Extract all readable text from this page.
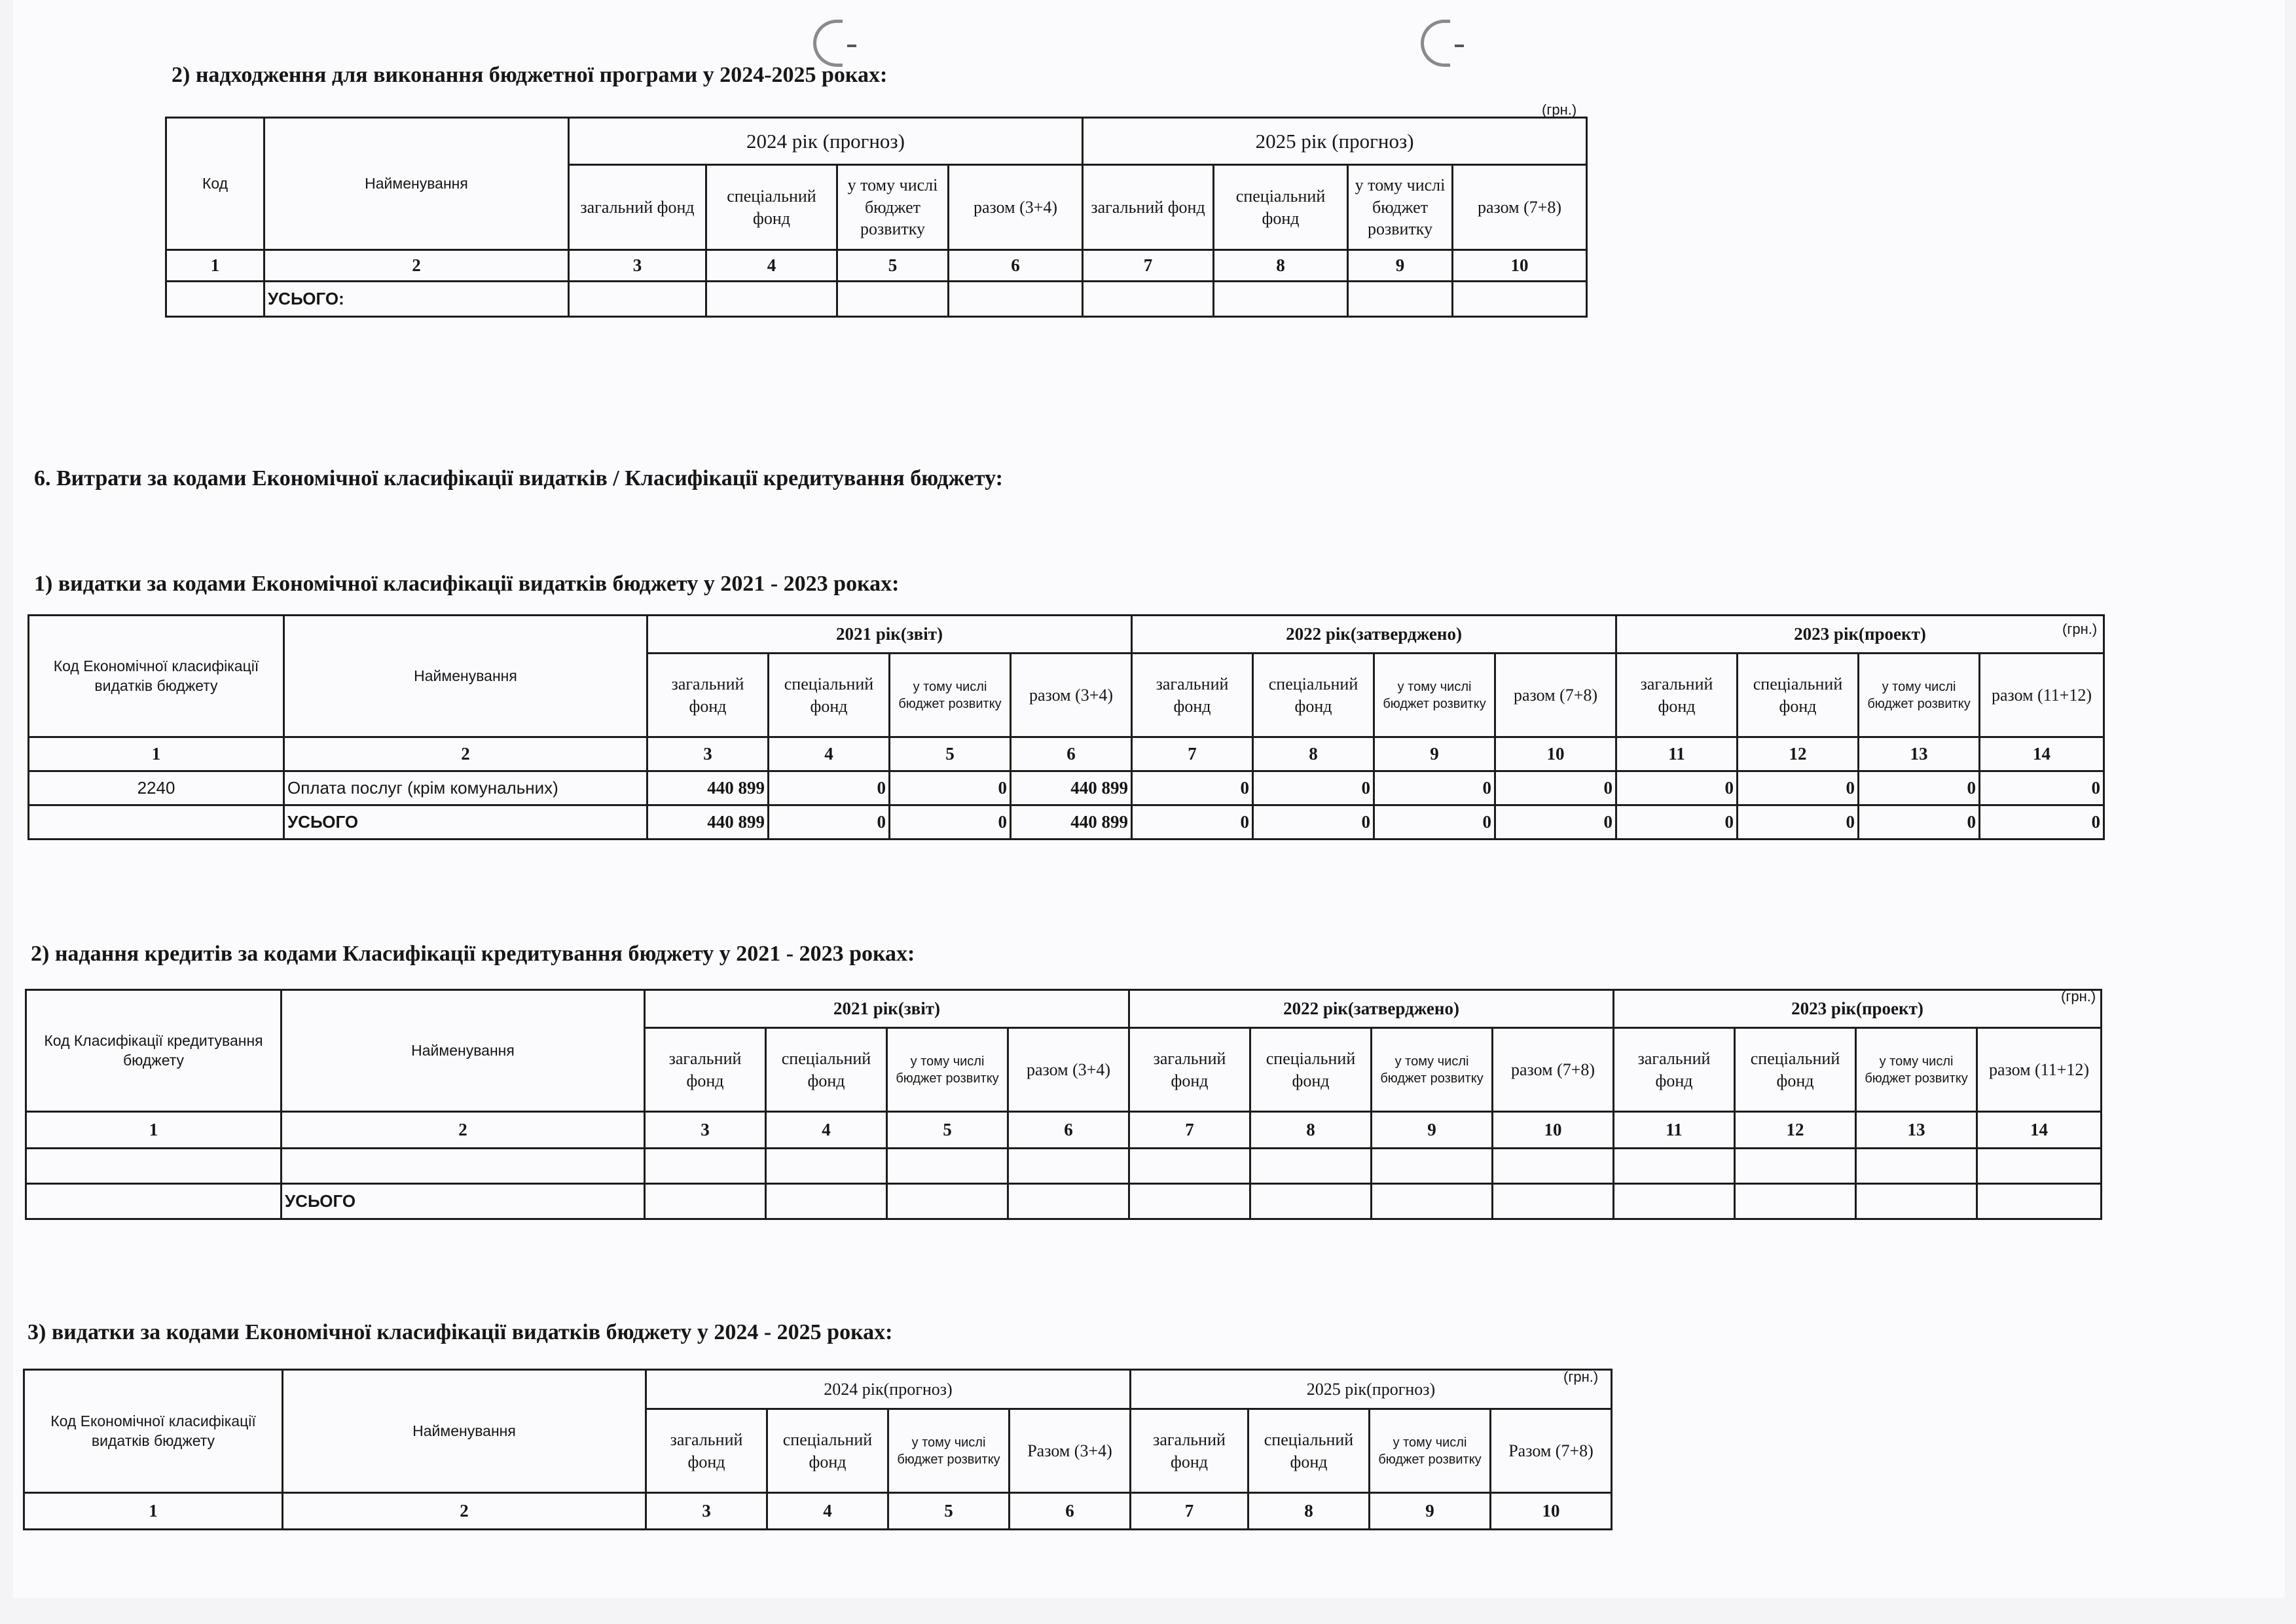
2) надходження для виконання бюджетної програми у 2024-2025 роках:
(грн.)
Код	Найменування	2024 рік (прогноз)				2025 рік (прогноз)			
		загальний фонд	спеціальний фонд	у тому числі бюджет розвитку	разом (3+4)	загальний фонд	спеціальний фонд	у тому числі бюджет розвитку	разом (7+8)
1	2	3	4	5	6	7	8	9	10
	УСЬОГО:								
6. Витрати за кодами Економічної класифікації видатків / Класифікації кредитування бюджету:
1) видатки за кодами Економічної класифікації видатків бюджету у 2021 - 2023 роках:
(грн.)
Код Економічної класифікації видатків бюджету	Найменування	2021 рік(звіт)				2022 рік(затверджено)				2023 рік(проект)			
		загальний фонд	спеціальний фонд	у тому числі бюджет розвитку	разом (3+4)	загальний фонд	спеціальний фонд	у тому числі бюджет розвитку	разом (7+8)	загальний фонд	спеціальний фонд	у тому числі бюджет розвитку	разом (11+12)
1	2	3	4	5	6	7	8	9	10	11	12	13	14
2240	Оплата послуг (крім комунальних)	440 899	0	0	440 899	0	0	0	0	0	0	0	0
	УСЬОГО	440 899	0	0	440 899	0	0	0	0	0	0	0	0
2) надання кредитів за кодами Класифікації кредитування бюджету у 2021 - 2023 роках:
(грн.)
Код Класифікації кредитування бюджету	Найменування	2021 рік(звіт)				2022 рік(затверджено)				2023 рік(проект)			
		загальний фонд	спеціальний фонд	у тому числі бюджет розвитку	разом (3+4)	загальний фонд	спеціальний фонд	у тому числі бюджет розвитку	разом (7+8)	загальний фонд	спеціальний фонд	у тому числі бюджет розвитку	разом (11+12)
1	2	3	4	5	6	7	8	9	10	11	12	13	14

	УСЬОГО												
3) видатки за кодами Економічної класифікації видатків бюджету у 2024 - 2025 роках:
(грн.)
Код Економічної класифікації видатків бюджету	Найменування	2024 рік(прогноз)				2025 рік(прогноз)			
		загальний фонд	спеціальний фонд	у тому числі бюджет розвитку	Разом (3+4)	загальний фонд	спеціальний фонд	у тому числі бюджет розвитку	Разом (7+8)
1	2	3	4	5	6	7	8	9	10
